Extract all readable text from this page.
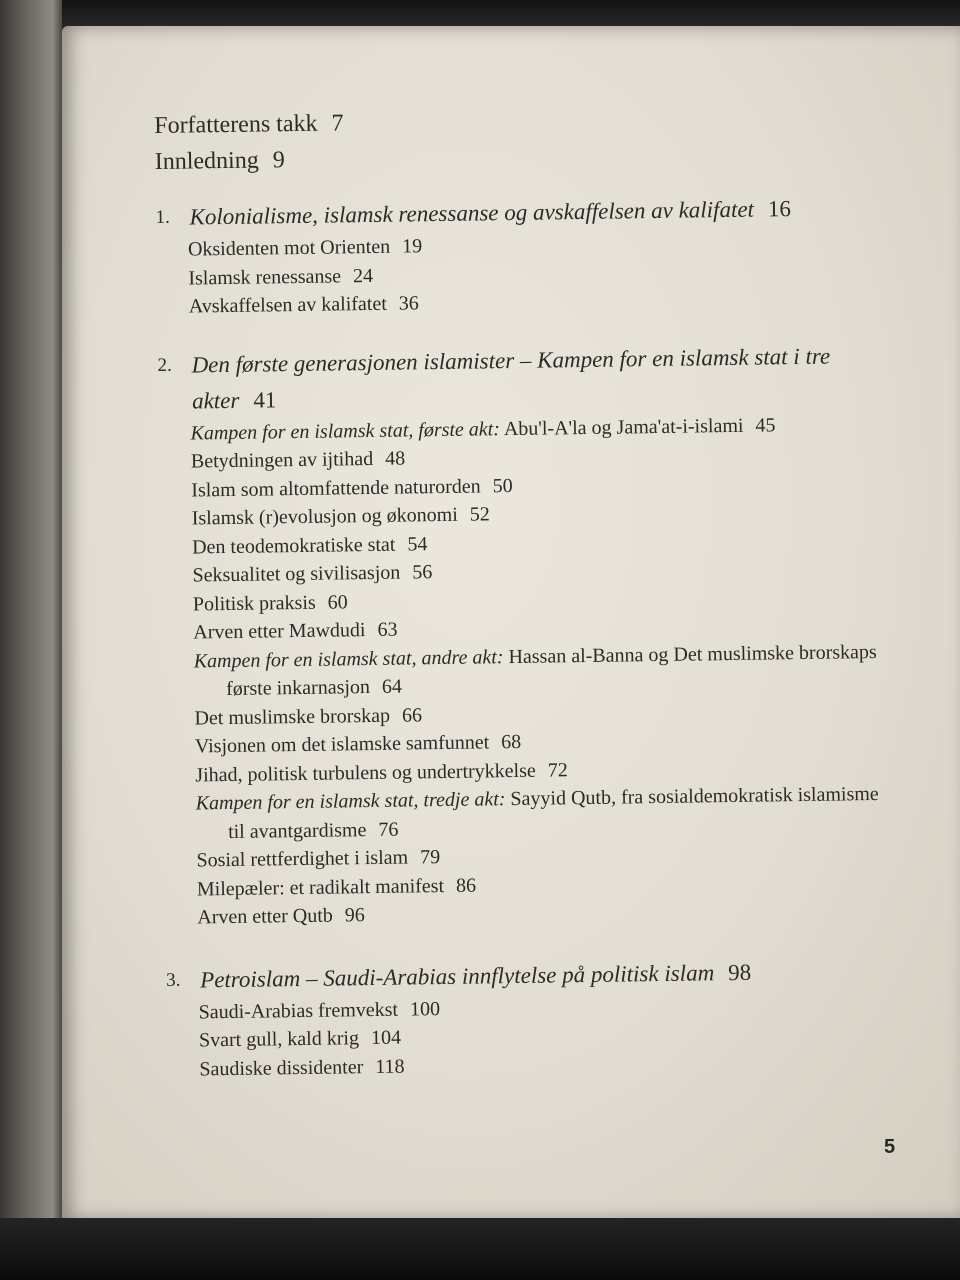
Forfatterens takk 7
Innledning 9
1. Kolonialisme, islamsk renessanse og avskaffelsen av kalifatet 16
Oksidenten mot Orienten 19
Islamsk renessanse 24
Avskaffelsen av kalifatet 36
2. Den første generasjonen islamister – Kampen for en islamsk stat i tre akter 41
Kampen for en islamsk stat, første akt: Abu'l-A'la og Jama'at-i-islami 45
Betydningen av ijtihad 48
Islam som altomfattende naturorden 50
Islamsk (r)evolusjon og økonomi 52
Den teodemokratiske stat 54
Seksualitet og sivilisasjon 56
Politisk praksis 60
Arven etter Mawdudi 63
Kampen for en islamsk stat, andre akt: Hassan al-Banna og Det muslimske brorskaps første inkarnasjon 64
Det muslimske brorskap 66
Visjonen om det islamske samfunnet 68
Jihad, politisk turbulens og undertrykkelse 72
Kampen for en islamsk stat, tredje akt: Sayyid Qutb, fra sosialdemokratisk islamisme til avantgardisme 76
Sosial rettferdighet i islam 79
Milepæler: et radikalt manifest 86
Arven etter Qutb 96
3. Petroislam – Saudi-Arabias innflytelse på politisk islam 98
Saudi-Arabias fremvekst 100
Svart gull, kald krig 104
Saudiske dissidenter 118
5
